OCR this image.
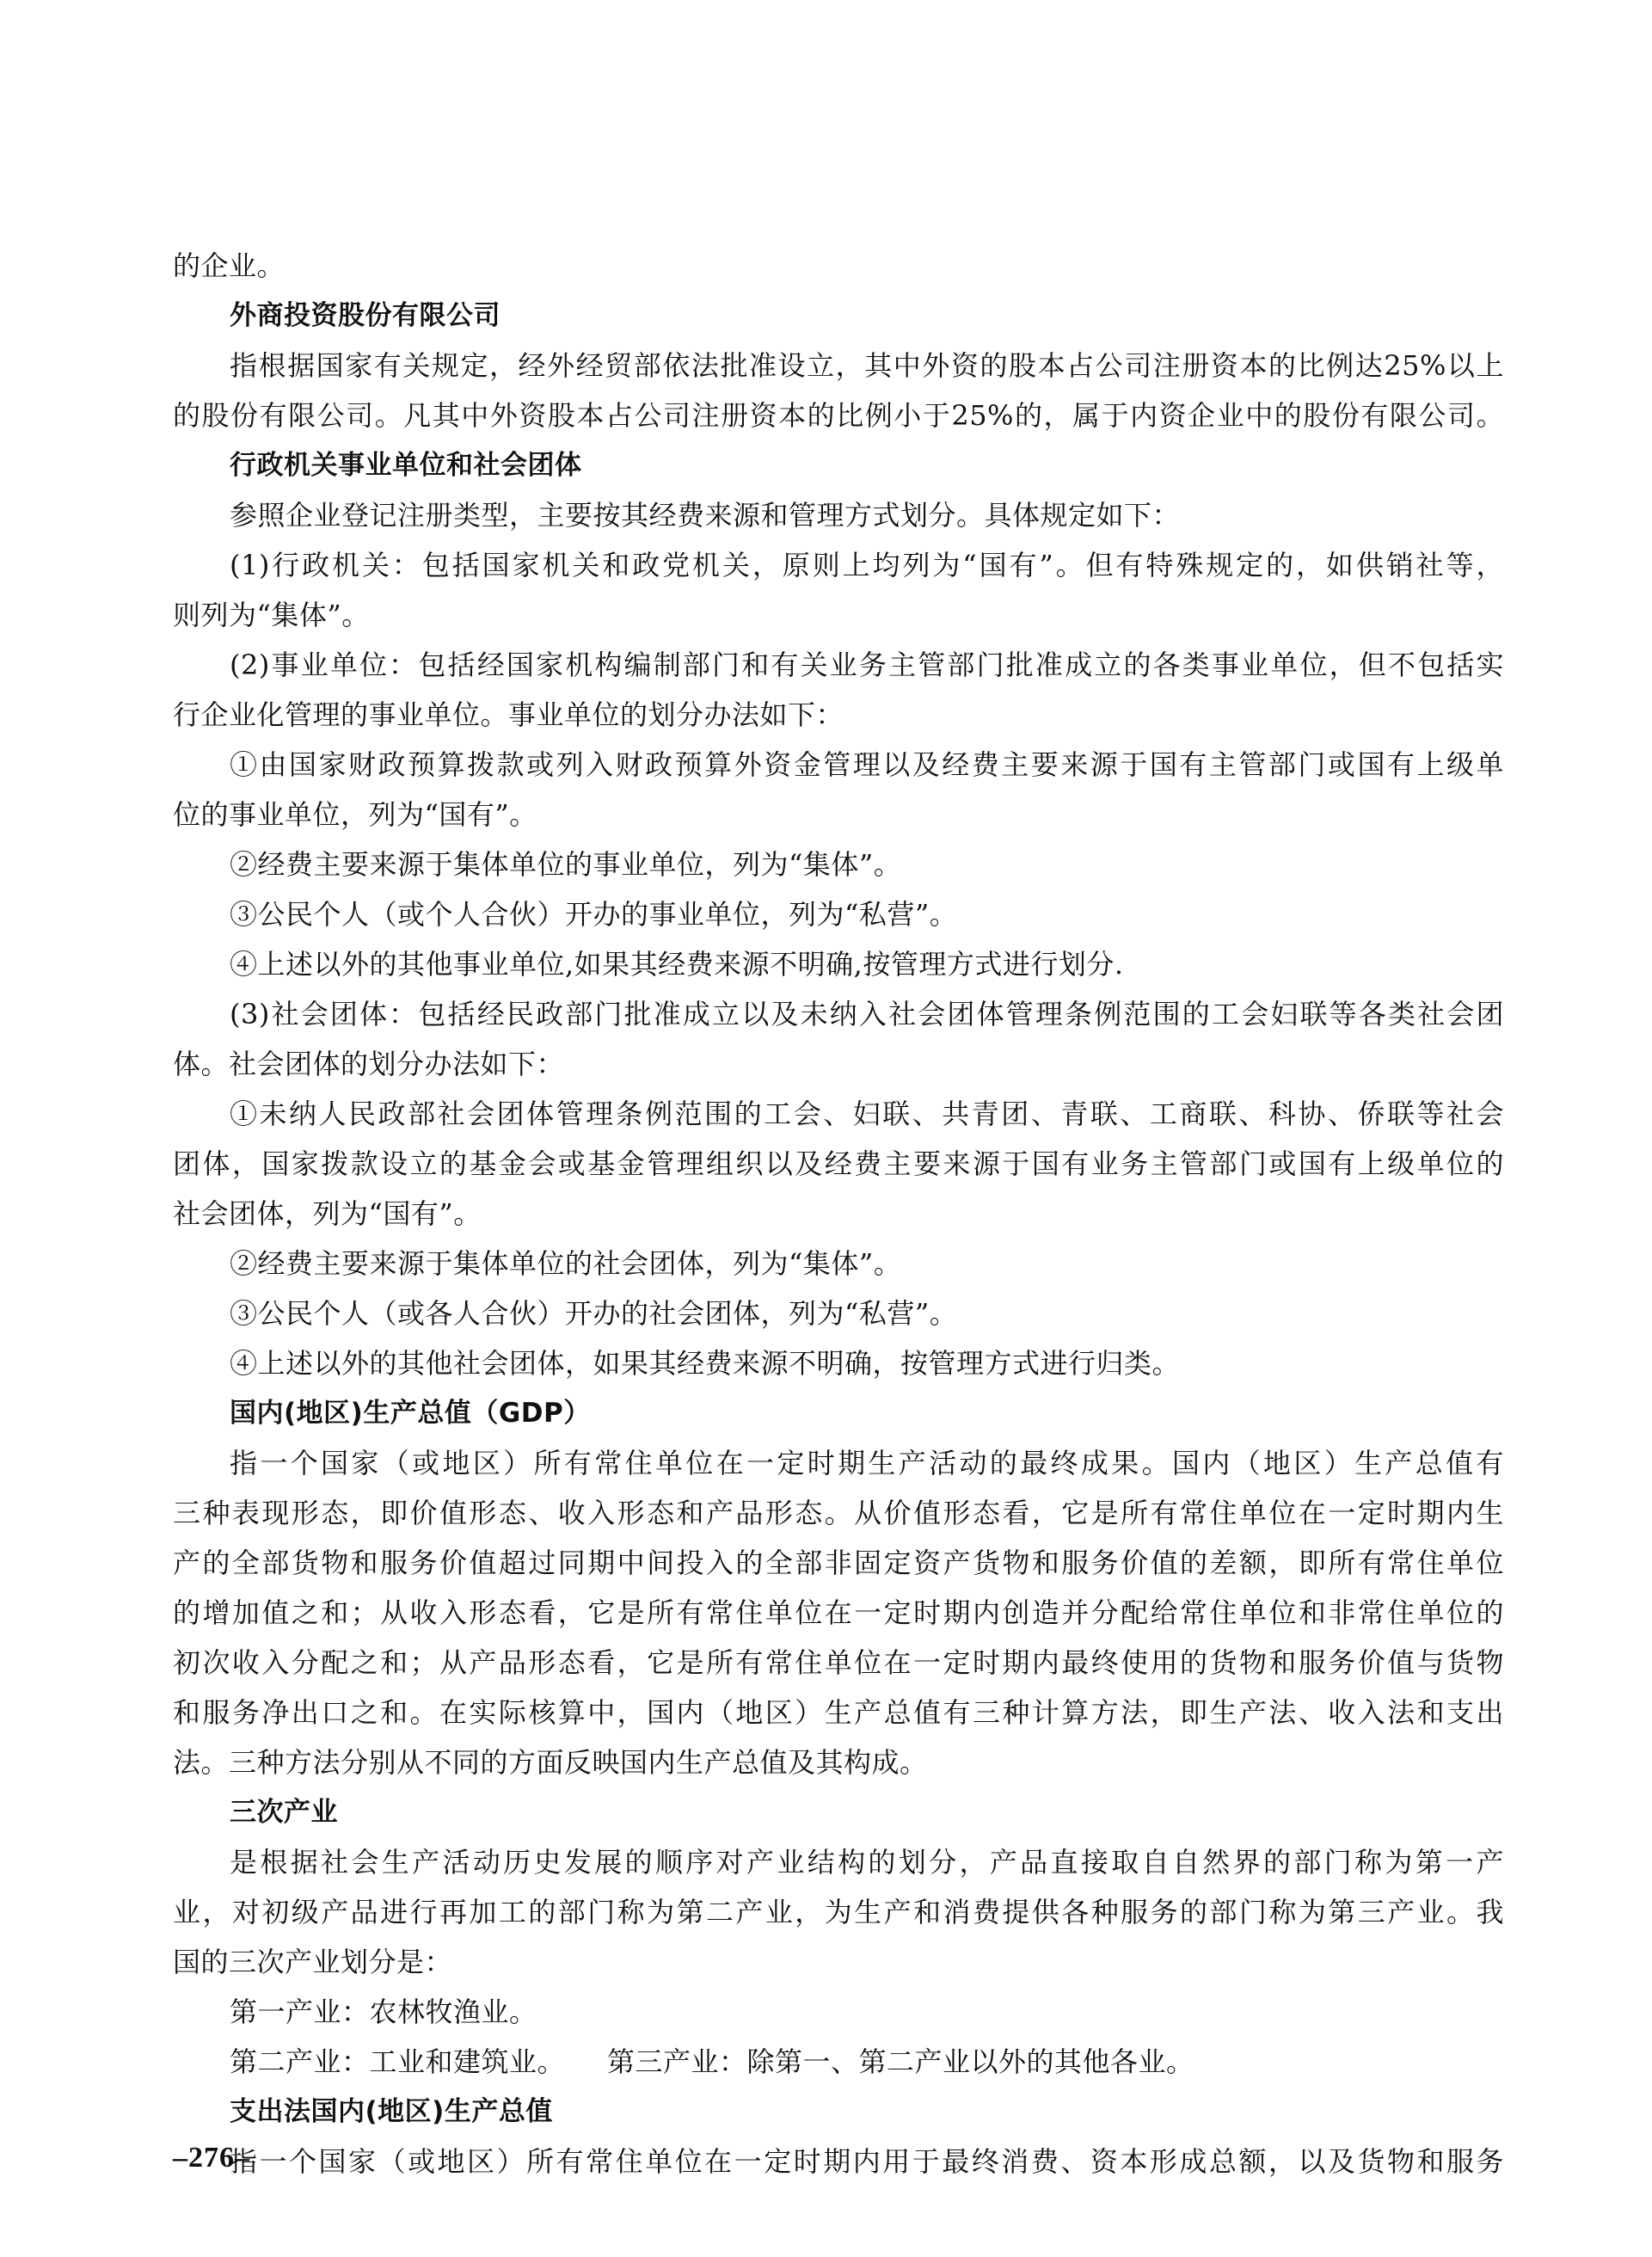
的企业。
外商投资股份有限公司
指根据国家有关规定，经外经贸部依法批准设立，其中外资的股本占公司注册资本的比例达25%以上
的股份有限公司。凡其中外资股本占公司注册资本的比例小于25%的，属于内资企业中的股份有限公司。
行政机关事业单位和社会团体
参照企业登记注册类型，主要按其经费来源和管理方式划分。具体规定如下：
(1)行政机关：包括国家机关和政党机关，原则上均列为“国有”。但有特殊规定的，如供销社等，
则列为“集体”。
(2)事业单位：包括经国家机构编制部门和有关业务主管部门批准成立的各类事业单位，但不包括实
行企业化管理的事业单位。事业单位的划分办法如下：
①由国家财政预算拨款或列入财政预算外资金管理以及经费主要来源于国有主管部门或国有上级单
位的事业单位，列为“国有”。
②经费主要来源于集体单位的事业单位，列为“集体”。
③公民个人（或个人合伙）开办的事业单位，列为“私营”。
④上述以外的其他事业单位,如果其经费来源不明确,按管理方式进行划分.
(3)社会团体：包括经民政部门批准成立以及未纳入社会团体管理条例范围的工会妇联等各类社会团
体。社会团体的划分办法如下：
①未纳人民政部社会团体管理条例范围的工会、妇联、共青团、青联、工商联、科协、侨联等社会
团体，国家拨款设立的基金会或基金管理组织以及经费主要来源于国有业务主管部门或国有上级单位的
社会团体，列为“国有”。
②经费主要来源于集体单位的社会团体，列为“集体”。
③公民个人（或各人合伙）开办的社会团体，列为“私营”。
④上述以外的其他社会团体，如果其经费来源不明确，按管理方式进行归类。
国内(地区)生产总值（GDP）
指一个国家（或地区）所有常住单位在一定时期生产活动的最终成果。国内（地区）生产总值有
三种表现形态，即价值形态、收入形态和产品形态。从价值形态看，它是所有常住单位在一定时期内生
产的全部货物和服务价值超过同期中间投入的全部非固定资产货物和服务价值的差额，即所有常住单位
的增加值之和；从收入形态看，它是所有常住单位在一定时期内创造并分配给常住单位和非常住单位的
初次收入分配之和；从产品形态看，它是所有常住单位在一定时期内最终使用的货物和服务价值与货物
和服务净出口之和。在实际核算中，国内（地区）生产总值有三种计算方法，即生产法、收入法和支出
法。三种方法分别从不同的方面反映国内生产总值及其构成。
三次产业
是根据社会生产活动历史发展的顺序对产业结构的划分，产品直接取自自然界的部门称为第一产
业，对初级产品进行再加工的部门称为第二产业，为生产和消费提供各种服务的部门称为第三产业。我
国的三次产业划分是：
第一产业：农林牧渔业。
第二产业：工业和建筑业。　　第三产业：除第一、第二产业以外的其他各业。
支出法国内(地区)生产总值
指一个国家（或地区）所有常住单位在一定时期内用于最终消费、资本形成总额，以及货物和服务
–276–
